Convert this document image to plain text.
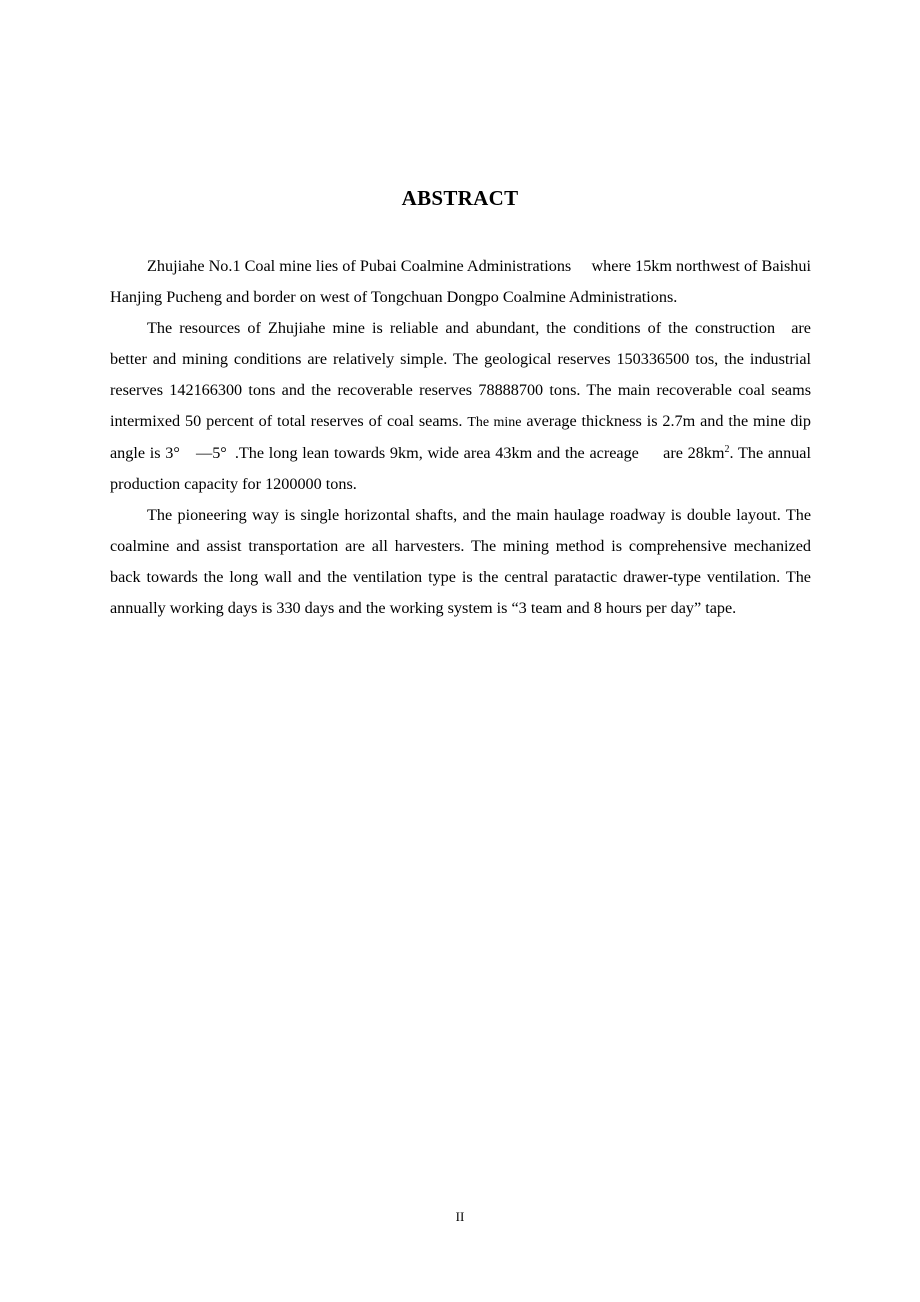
ABSTRACT

Zhujiahe No.1 Coal mine lies of Pubai Coalmine Administrations  where 15km northwest of Baishui Hanjing Pucheng and border on west of Tongchuan Dongpo Coalmine Administrations.

The resources of Zhujiahe mine is reliable and abundant, the conditions of the construction are better and mining conditions are relatively simple. The geological reserves 150336500 tos, the industrial reserves 142166300 tons and the recoverable reserves 78888700 tons. The main recoverable coal seams intermixed 50 percent of total reserves of coal seams. The mine average thickness is 2.7m and the mine dip angle is 3° —5° .The long lean towards 9km, wide area 43km and the acreage  are $28km^2$. The annual production capacity for 1200000 tons.

The pioneering way is single horizontal shafts, and the main haulage roadway is double layout. The coalmine and assist transportation are all harvesters. The mining method is comprehensive mechanized back towards the long wall and the ventilation type is the central paratactic drawer-type ventilation. The annually working days is 330 days and the working system is “3 team and 8 hours per day” tape.

II
